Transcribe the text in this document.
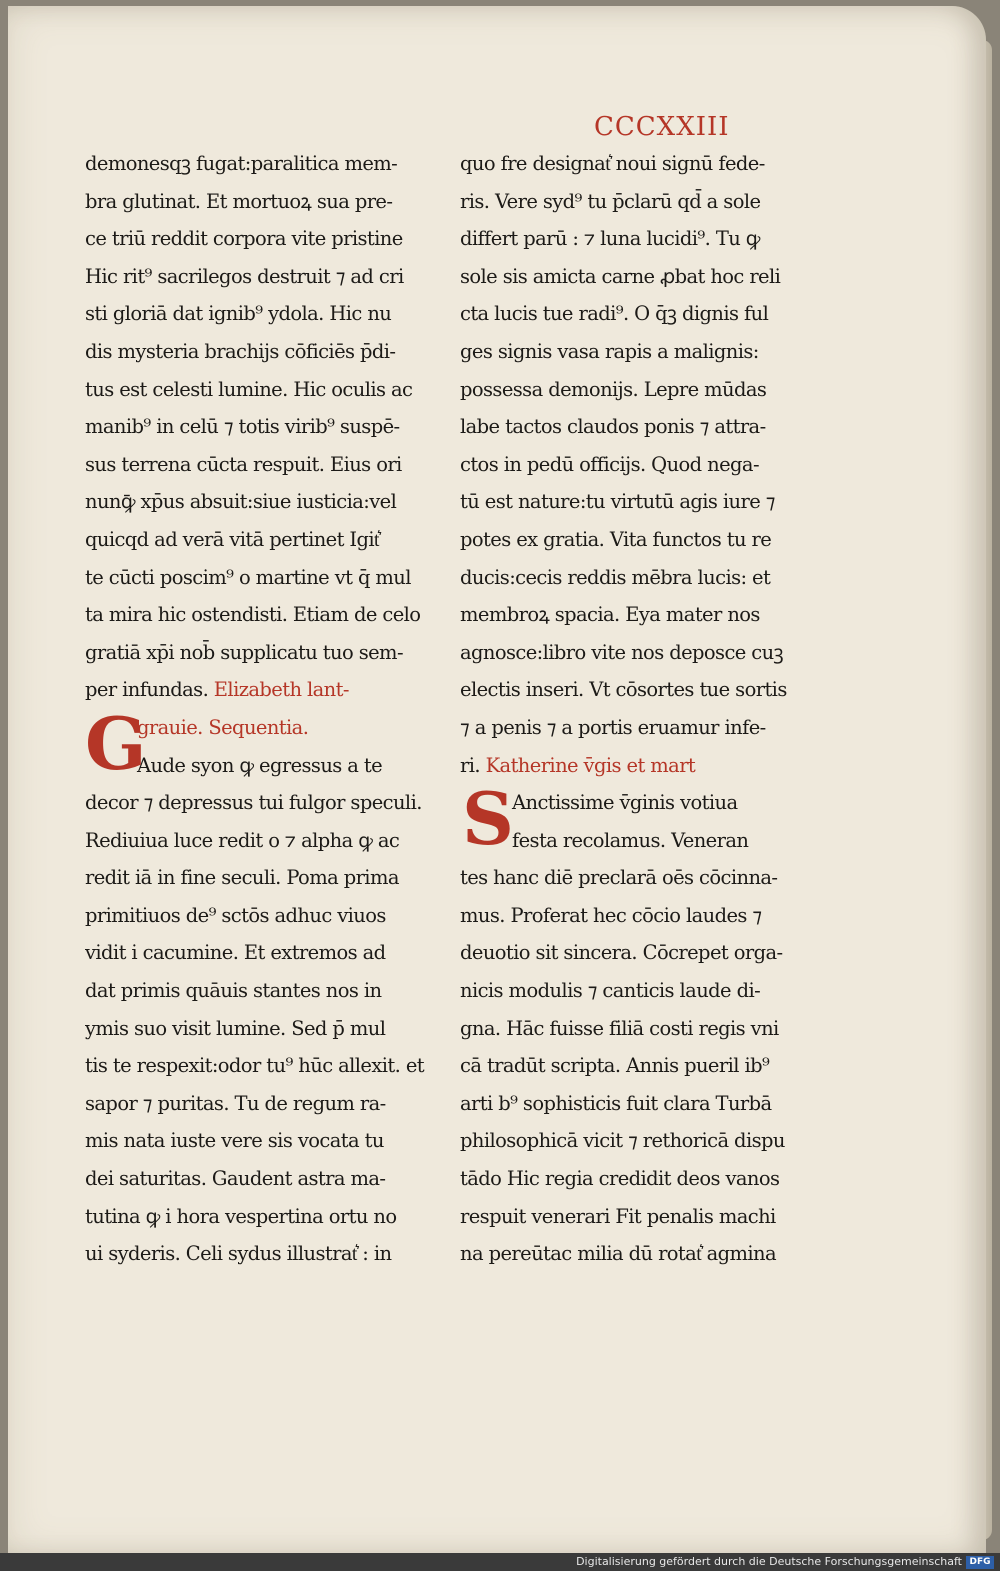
CCCXXIII
demonesqꝫ fugat:paralitica mem-
bra glutinat. Et mortuoꝝ sua pre-
ce triū reddit corpora vite pristine
Hic rit⁹ sacrilegos destruit ⁊ ad cri
sti gloriā dat ignib⁹ ydola. Hic nu
dis mysteria brachijs cōficiēs p̄di-
tus est celesti lumine. Hic oculis ac
manib⁹ in celū ⁊ totis virib⁹ suspē-
sus terrena cūcta respuit. Eius ori
nunꝙ̄ xp̄us absuit:siue iusticia:vel
quicqd ad verā vitā pertinet Igit͛
te cūcti poscim⁹ o martine vt q̄ mul
ta mira hic ostendisti. Etiam de celo
gratiā xp̄i nob̄ supplicatu tuo sem-
per infundas. Elizabeth lant-
G
grauie. Sequentia.
Aude syon ꝙ egressus a te
decor ⁊ depressus tui fulgor speculi.
Rediuiua luce redit o ⁊ alpha ꝙ ac
redit iā in fine seculi. Poma prima
primitiuos de⁹ sctōs adhuc viuos
vidit i cacumine. Et extremos ad
dat primis quāuis stantes nos in
ymis suo visit lumine. Sed p̄ mul
tis te respexit:odor tu⁹ hūc allexit. et
sapor ⁊ puritas. Tu de regum ra-
mis nata iuste vere sis vocata tu
dei saturitas. Gaudent astra ma-
tutina ꝙ i hora vespertina ortu no
ui syderis. Celi sydus illustrat͛ : in
quo fre designat͛ noui signū fede-
ris. Vere syd⁹ tu p̄clarū qd̄ a sole
differt parū : ⁊ luna lucidi⁹. Tu ꝙ
sole sis amicta carne ꝓbat hoc reli
cta lucis tue radi⁹. O q̄ꝫ dignis ful
ges signis vasa rapis a malignis:
possessa demonijs. Lepre mūdas
labe tactos claudos ponis ⁊ attra-
ctos in pedū officijs. Quod nega-
tū est nature:tu virtutū agis iure ⁊
potes ex gratia. Vita functos tu re
ducis:cecis reddis mēbra lucis: et
membroꝝ spacia. Eya mater nos
agnosce:libro vite nos deposce cuꝫ
electis inseri. Vt cōsortes tue sortis
⁊ a penis ⁊ a portis eruamur infe-
ri. Katherine v̄gis et mart
S
Anctissime v̄ginis votiua
festa recolamus. Veneran
tes hanc diē preclarā oēs cōcinna-
mus. Proferat hec cōcio laudes ⁊
deuotio sit sincera. Cōcrepet orga-
nicis modulis ⁊ canticis laude di-
gna. Hāc fuisse filiā costi regis vni
cā tradūt scripta. Annis pueril ib⁹
arti b⁹ sophisticis fuit clara Turbā
philosophicā vicit ⁊ rethoricā dispu
tādo Hic regia credidit deos vanos
respuit venerari Fit penalis machi
na pereūtac milia dū rotat͛ agmina
Digitalisierung gefördert durch die Deutsche Forschungsgemeinschaft DFG
